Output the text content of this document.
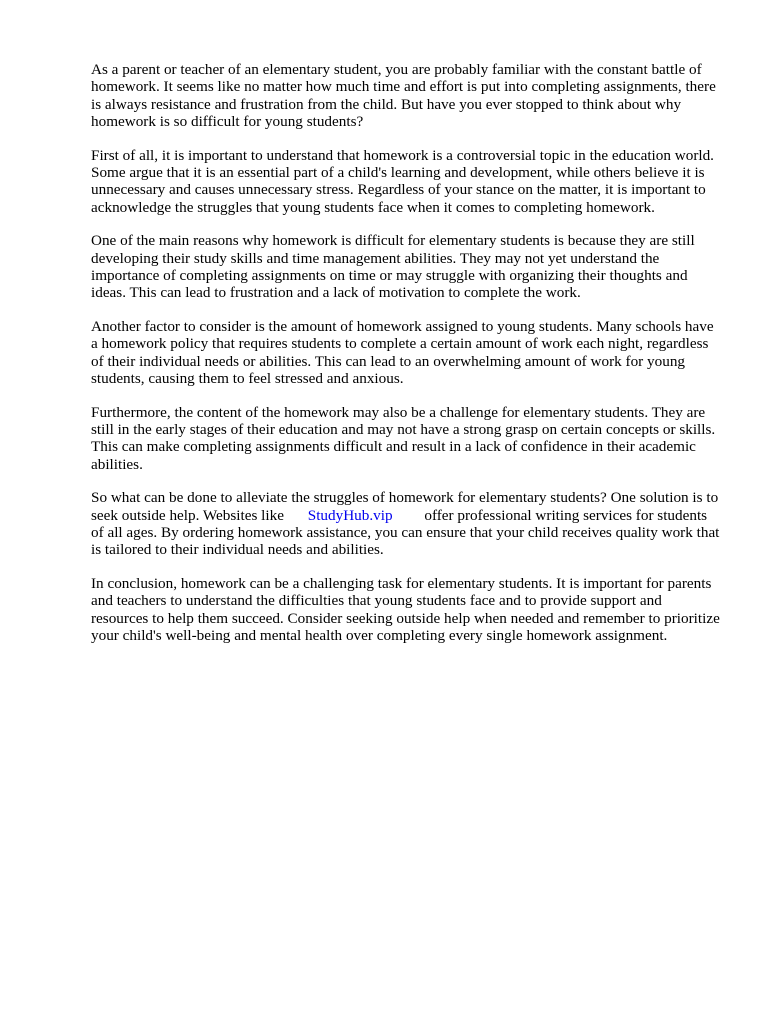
As a parent or teacher of an elementary student, you are probably familiar with the constant battle of homework. It seems like no matter how much time and effort is put into completing assignments, there is always resistance and frustration from the child. But have you ever stopped to think about why homework is so difficult for young students?

First of all, it is important to understand that homework is a controversial topic in the education world. Some argue that it is an essential part of a child's learning and development, while others believe it is unnecessary and causes unnecessary stress. Regardless of your stance on the matter, it is important to acknowledge the struggles that young students face when it comes to completing homework.

One of the main reasons why homework is difficult for elementary students is because they are still developing their study skills and time management abilities. They may not yet understand the importance of completing assignments on time or may struggle with organizing their thoughts and ideas. This can lead to frustration and a lack of motivation to complete the work.

Another factor to consider is the amount of homework assigned to young students. Many schools have a homework policy that requires students to complete a certain amount of work each night, regardless of their individual needs or abilities. This can lead to an overwhelming amount of work for young students, causing them to feel stressed and anxious.

Furthermore, the content of the homework may also be a challenge for elementary students. They are still in the early stages of their education and may not have a strong grasp on certain concepts or skills. This can make completing assignments difficult and result in a lack of confidence in their academic abilities.

So what can be done to alleviate the struggles of homework for elementary students? One solution is to seek outside help. Websites like StudyHub.vip offer professional writing services for students of all ages. By ordering homework assistance, you can ensure that your child receives quality work that is tailored to their individual needs and abilities.

In conclusion, homework can be a challenging task for elementary students. It is important for parents and teachers to understand the difficulties that young students face and to provide support and resources to help them succeed. Consider seeking outside help when needed and remember to prioritize your child's well-being and mental health over completing every single homework assignment.
